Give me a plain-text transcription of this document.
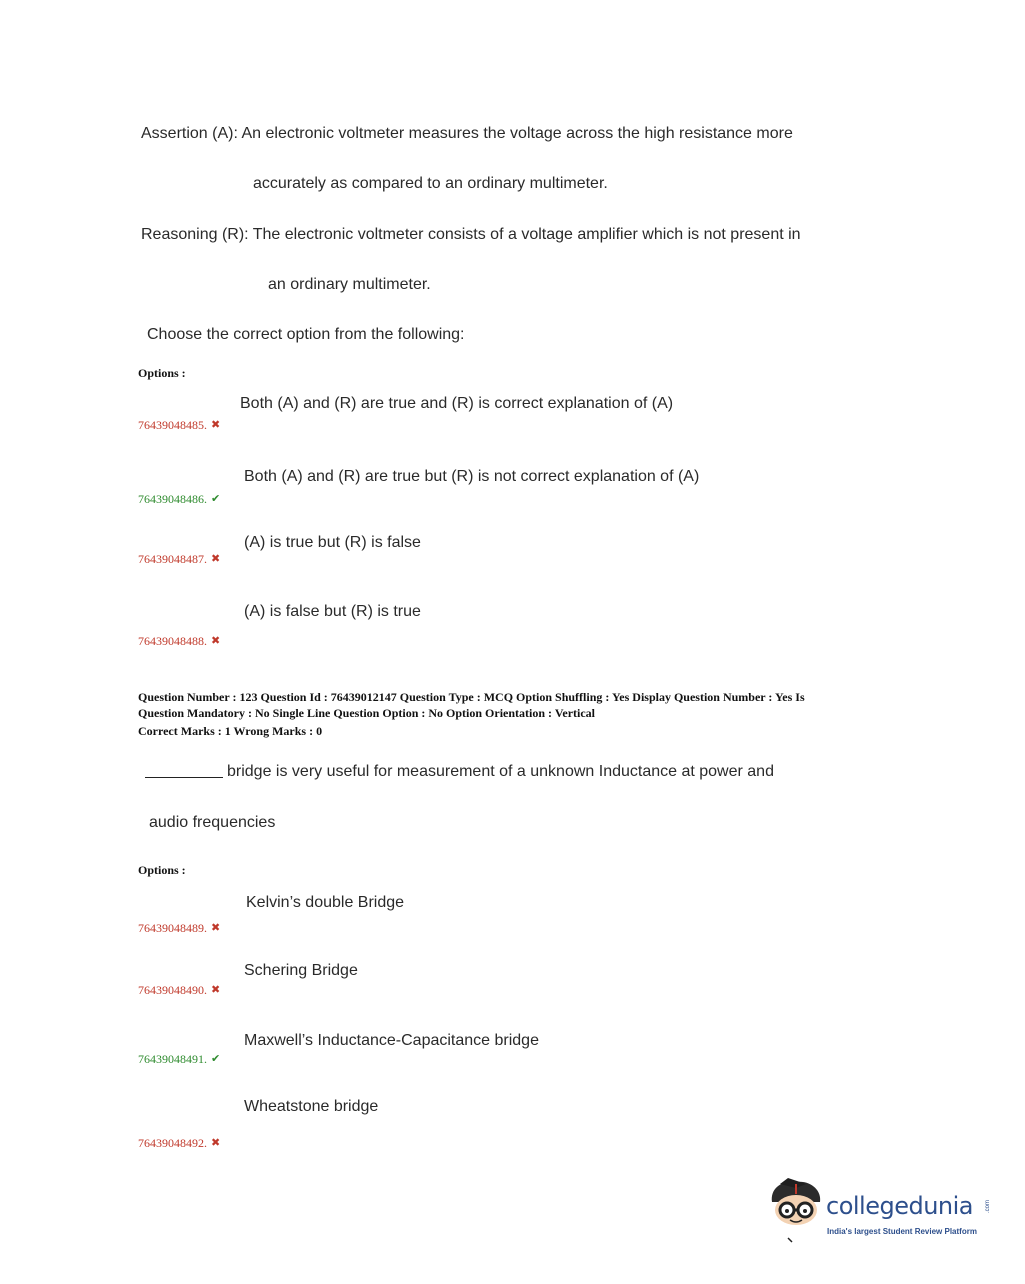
Assertion (A): An electronic voltmeter measures the voltage across the high resistance more
accurately as compared to an ordinary multimeter.
Reasoning (R): The electronic voltmeter consists of a voltage amplifier which is not present in
an ordinary multimeter.
Choose the correct option from the following:
Options :
Both (A) and (R) are true and (R) is correct explanation of (A)
76439048485. ✖
Both (A) and (R) are true but (R) is not correct explanation of (A)
76439048486. ✔
(A) is true but (R) is false
76439048487. ✖
(A) is false but (R) is true
76439048488. ✖
Question Number : 123 Question Id : 76439012147 Question Type : MCQ Option Shuffling : Yes Display Question Number : Yes Is
Question Mandatory : No Single Line Question Option : No Option Orientation : Vertical
Correct Marks : 1 Wrong Marks : 0
bridge is very useful for measurement of a unknown Inductance at power and
audio frequencies
Options :
Kelvin’s double Bridge
76439048489. ✖
Schering Bridge
76439048490. ✖
Maxwell’s Inductance-Capacitance bridge
76439048491. ✔
Wheatstone bridge
76439048492. ✖
collegedunia .com
India's largest Student Review Platform
